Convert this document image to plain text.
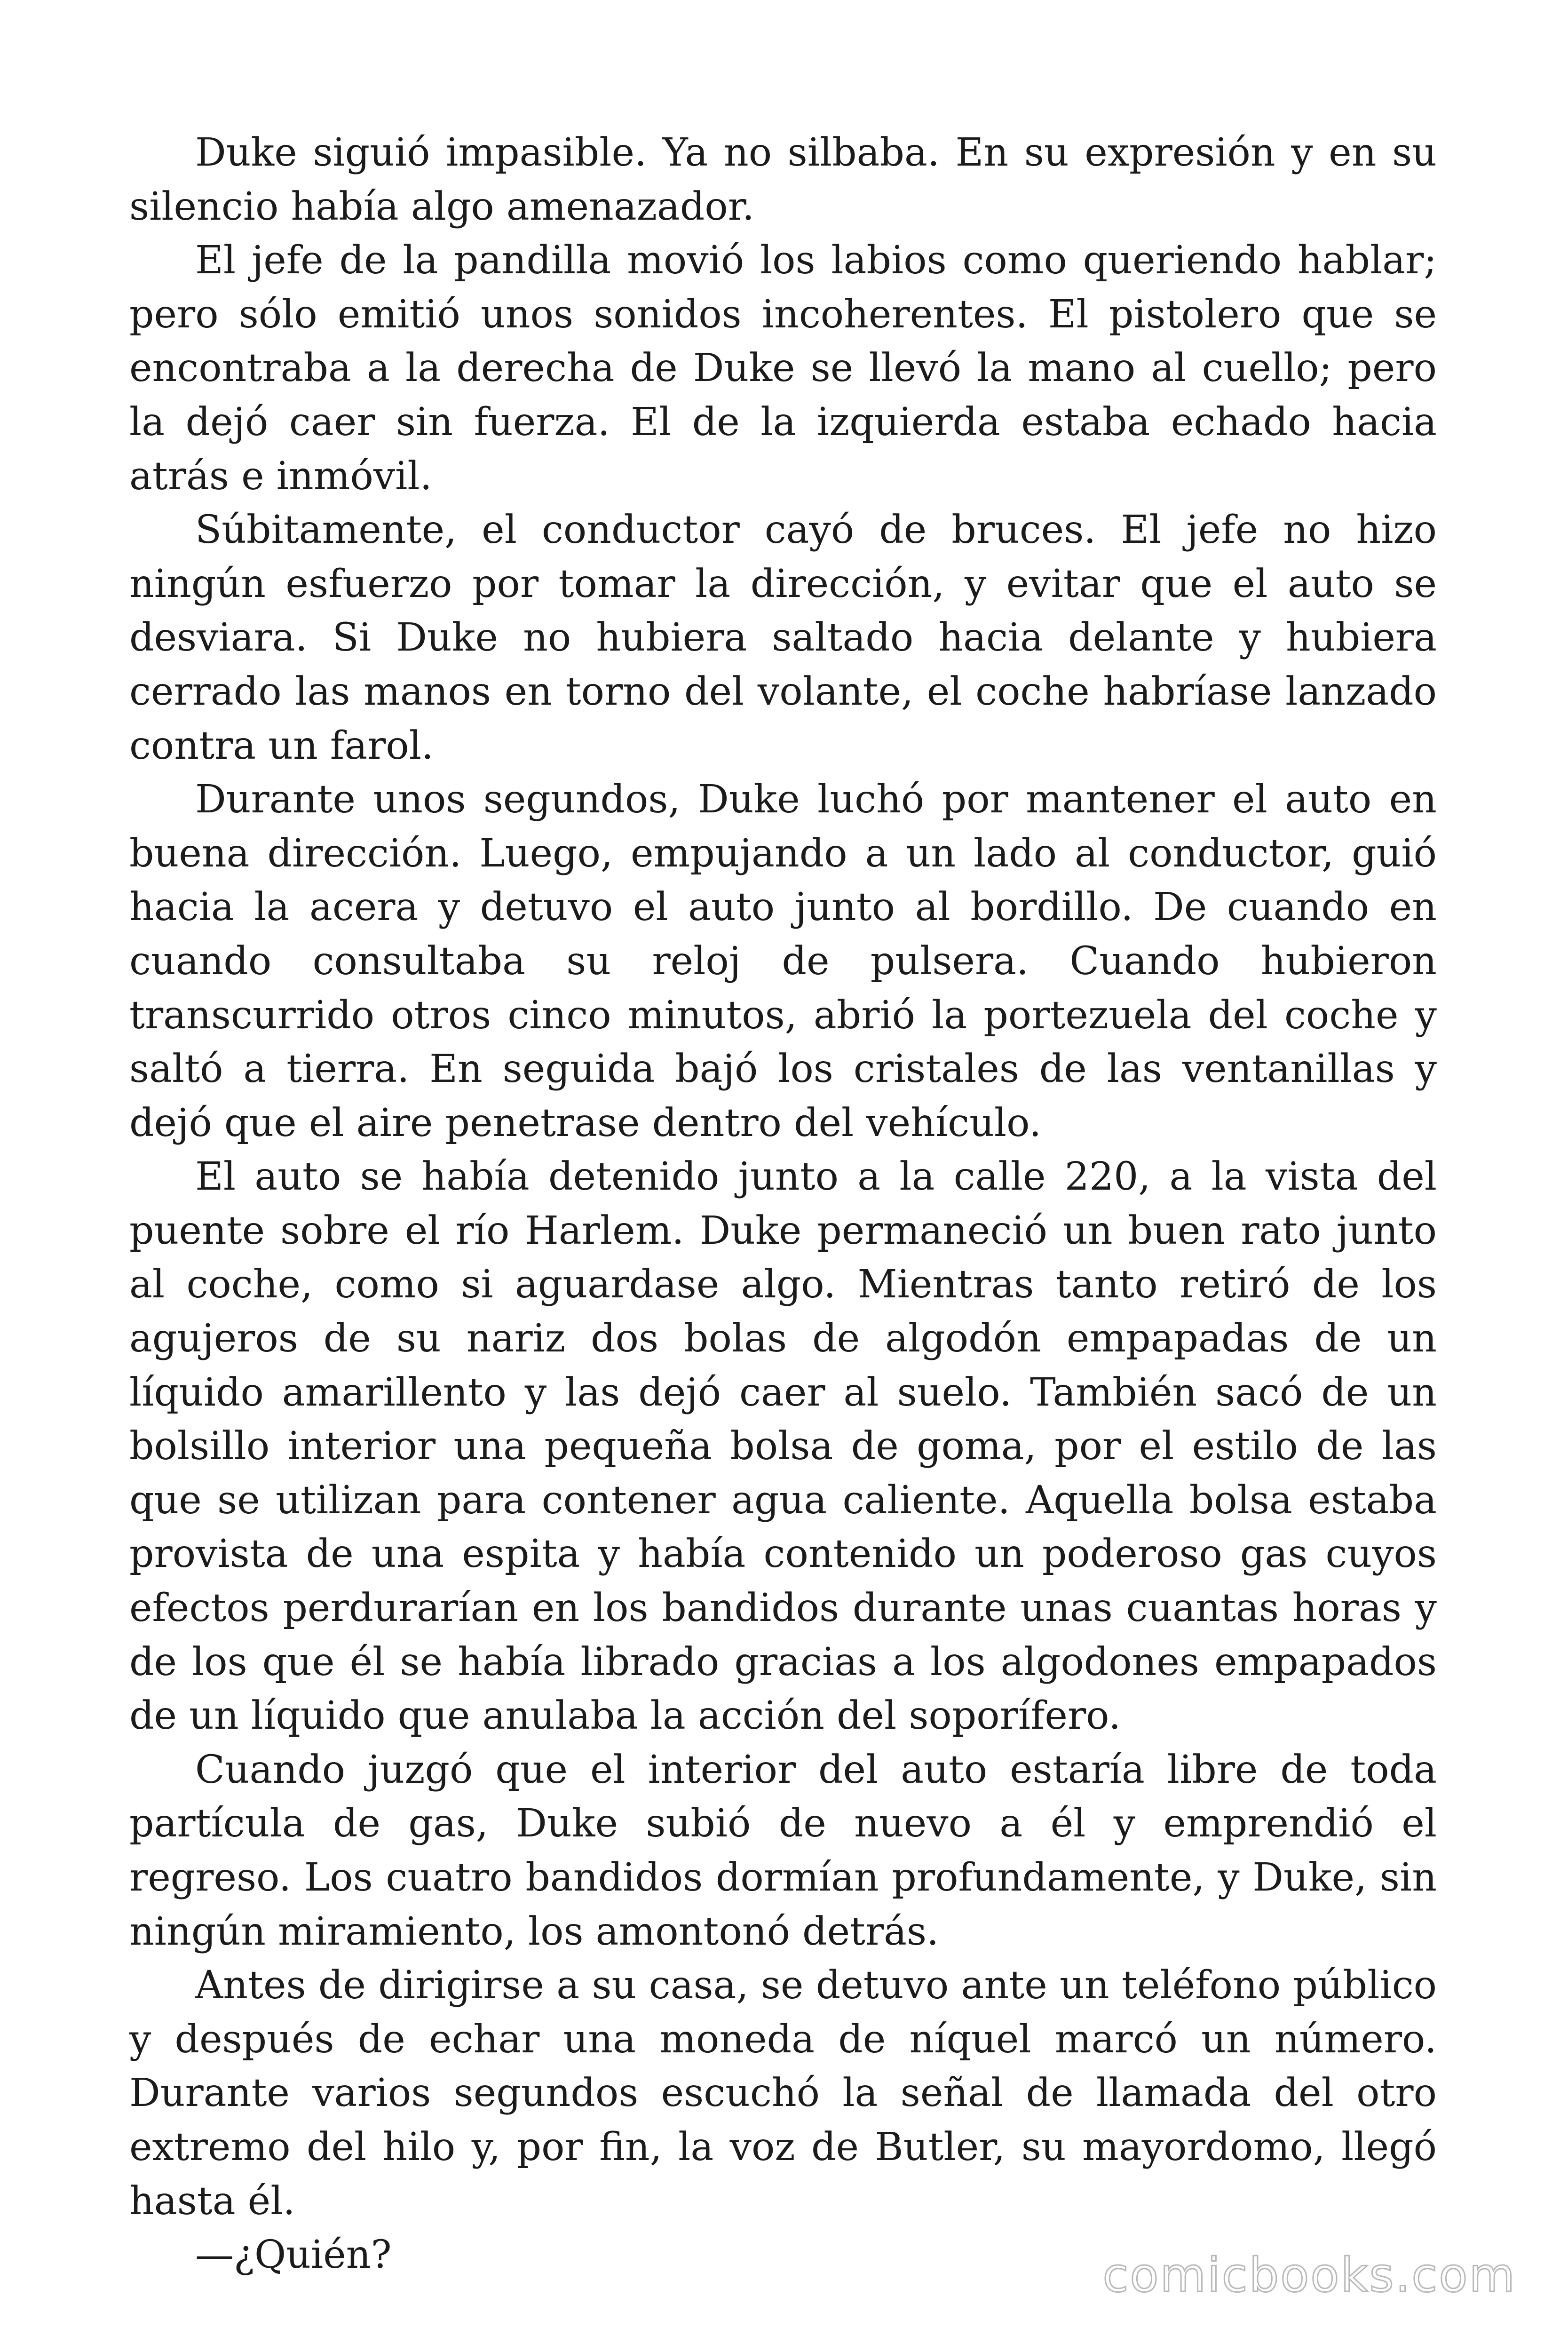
Duke siguió impasible. Ya no silbaba. En su expresión y en su silencio había algo amenazador.

El jefe de la pandilla movió los labios como queriendo hablar; pero sólo emitió unos sonidos incoherentes. El pistolero que se encontraba a la derecha de Duke se llevó la mano al cuello; pero la dejó caer sin fuerza. El de la izquierda estaba echado hacia atrás e inmóvil.

Súbitamente, el conductor cayó de bruces. El jefe no hizo ningún esfuerzo por tomar la dirección, y evitar que el auto se desviara. Si Duke no hubiera saltado hacia delante y hubiera cerrado las manos en torno del volante, el coche habríase lanzado contra un farol.

Durante unos segundos, Duke luchó por mantener el auto en buena dirección. Luego, empujando a un lado al conductor, guió hacia la acera y detuvo el auto junto al bordillo. De cuando en cuando consultaba su reloj de pulsera. Cuando hubieron transcurrido otros cinco minutos, abrió la portezuela del coche y saltó a tierra. En seguida bajó los cristales de las ventanillas y dejó que el aire penetrase dentro del vehículo.

El auto se había detenido junto a la calle 220, a la vista del puente sobre el río Harlem. Duke permaneció un buen rato junto al coche, como si aguardase algo. Mientras tanto retiró de los agujeros de su nariz dos bolas de algodón empapadas de un líquido amarillento y las dejó caer al suelo. También sacó de un bolsillo interior una pequeña bolsa de goma, por el estilo de las que se utilizan para contener agua caliente. Aquella bolsa estaba provista de una espita y había contenido un poderoso gas cuyos efectos perdurarían en los bandidos durante unas cuantas horas y de los que él se había librado gracias a los algodones empapados de un líquido que anulaba la acción del soporífero.

Cuando juzgó que el interior del auto estaría libre de toda partícula de gas, Duke subió de nuevo a él y emprendió el regreso. Los cuatro bandidos dormían profundamente, y Duke, sin ningún miramiento, los amontonó detrás.

Antes de dirigirse a su casa, se detuvo ante un teléfono público y después de echar una moneda de níquel marcó un número. Durante varios segundos escuchó la señal de llamada del otro extremo del hilo y, por fin, la voz de Butler, su mayordomo, llegó hasta él.

—¿Quién?	comicbooks.com
